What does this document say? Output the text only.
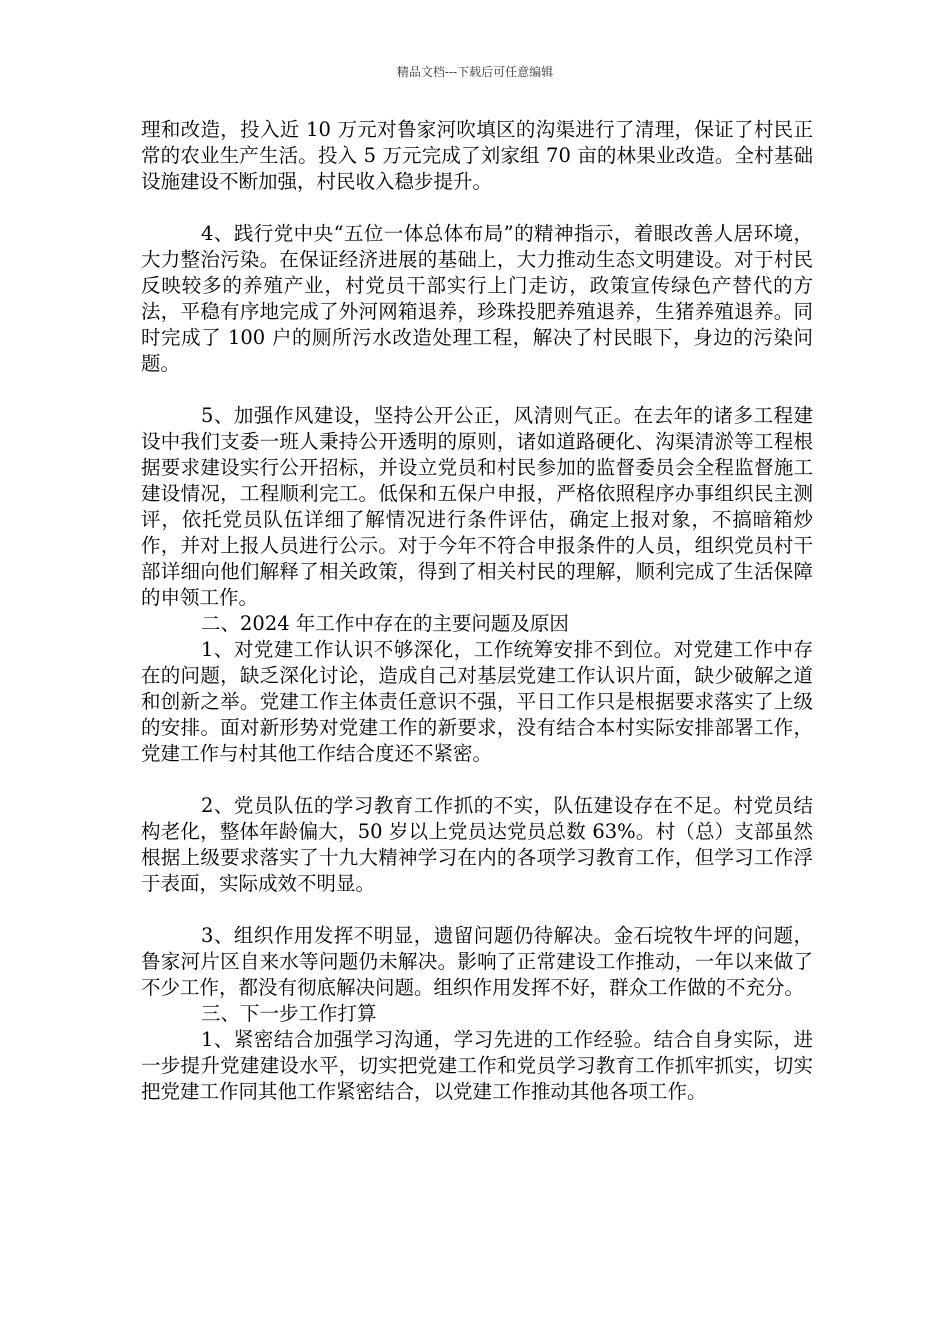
精品文档---下载后可任意编辑

理和改造，投入近 10 万元对鲁家河吹填区的沟渠进行了清理，保证了村民正常的农业生产生活。投入 5 万元完成了刘家组 70 亩的林果业改造。全村基础设施建设不断加强，村民收入稳步提升。

4、践行党中央“五位一体总体布局”的精神指示，着眼改善人居环境，大力整治污染。在保证经济进展的基础上，大力推动生态文明建设。对于村民反映较多的养殖产业，村党员干部实行上门走访，政策宣传绿色产替代的方法，平稳有序地完成了外河网箱退养，珍珠投肥养殖退养，生猪养殖退养。同时完成了 100 户的厕所污水改造处理工程，解决了村民眼下，身边的污染问题。

5、加强作风建设，坚持公开公正，风清则气正。在去年的诸多工程建设中我们支委一班人秉持公开透明的原则，诸如道路硬化、沟渠清淤等工程根据要求建设实行公开招标，并设立党员和村民参加的监督委员会全程监督施工建设情况，工程顺利完工。低保和五保户申报，严格依照程序办事组织民主测评，依托党员队伍详细了解情况进行条件评估，确定上报对象，不搞暗箱炒作，并对上报人员进行公示。对于今年不符合申报条件的人员，组织党员村干部详细向他们解释了相关政策，得到了相关村民的理解，顺利完成了生活保障的申领工作。

二、2024 年工作中存在的主要问题及原因

1、对党建工作认识不够深化，工作统筹安排不到位。对党建工作中存在的问题，缺乏深化讨论，造成自己对基层党建工作认识片面，缺少破解之道和创新之举。党建工作主体责任意识不强，平日工作只是根据要求落实了上级的安排。面对新形势对党建工作的新要求，没有结合本村实际安排部署工作，党建工作与村其他工作结合度还不紧密。

2、党员队伍的学习教育工作抓的不实，队伍建设存在不足。村党员结构老化，整体年龄偏大，50 岁以上党员达党员总数 63%。村（总）支部虽然根据上级要求落实了十九大精神学习在内的各项学习教育工作，但学习工作浮于表面，实际成效不明显。

3、组织作用发挥不明显，遗留问题仍待解决。金石垸牧牛坪的问题，鲁家河片区自来水等问题仍未解决。影响了正常建设工作推动，一年以来做了不少工作，都没有彻底解决问题。组织作用发挥不好，群众工作做的不充分。

三、下一步工作打算

1、紧密结合加强学习沟通，学习先进的工作经验。结合自身实际，进一步提升党建建设水平，切实把党建工作和党员学习教育工作抓牢抓实，切实把党建工作同其他工作紧密结合，以党建工作推动其他各项工作。
